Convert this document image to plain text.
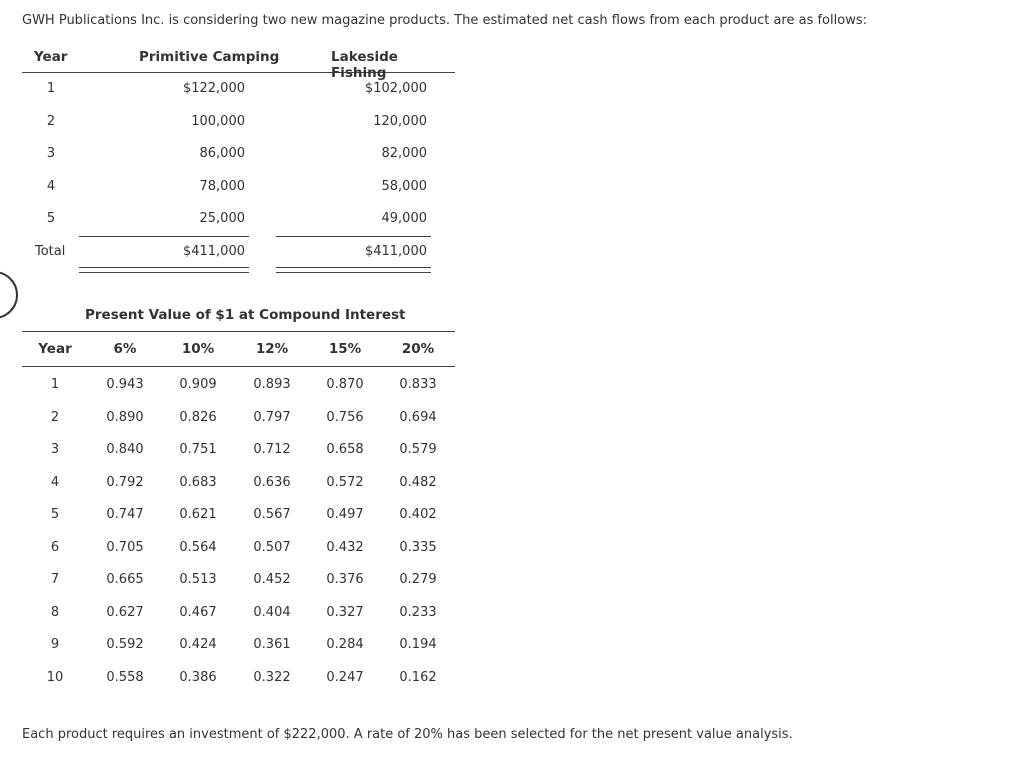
GWH Publications Inc. is considering two new magazine products. The estimated net cash flows from each product are as follows:
Year	Primitive Camping	Lakeside Fishing
1	$122,000	$102,000
2	100,000	120,000
3	86,000	82,000
4	78,000	58,000
5	25,000	49,000
Total	$411,000	$411,000
Present Value of $1 at Compound Interest
Year	6%	10%	12%	15%	20%
1	0.943	0.909	0.893	0.870	0.833
2	0.890	0.826	0.797	0.756	0.694
3	0.840	0.751	0.712	0.658	0.579
4	0.792	0.683	0.636	0.572	0.482
5	0.747	0.621	0.567	0.497	0.402
6	0.705	0.564	0.507	0.432	0.335
7	0.665	0.513	0.452	0.376	0.279
8	0.627	0.467	0.404	0.327	0.233
9	0.592	0.424	0.361	0.284	0.194
10	0.558	0.386	0.322	0.247	0.162
Each product requires an investment of $222,000. A rate of 20% has been selected for the net present value analysis.
